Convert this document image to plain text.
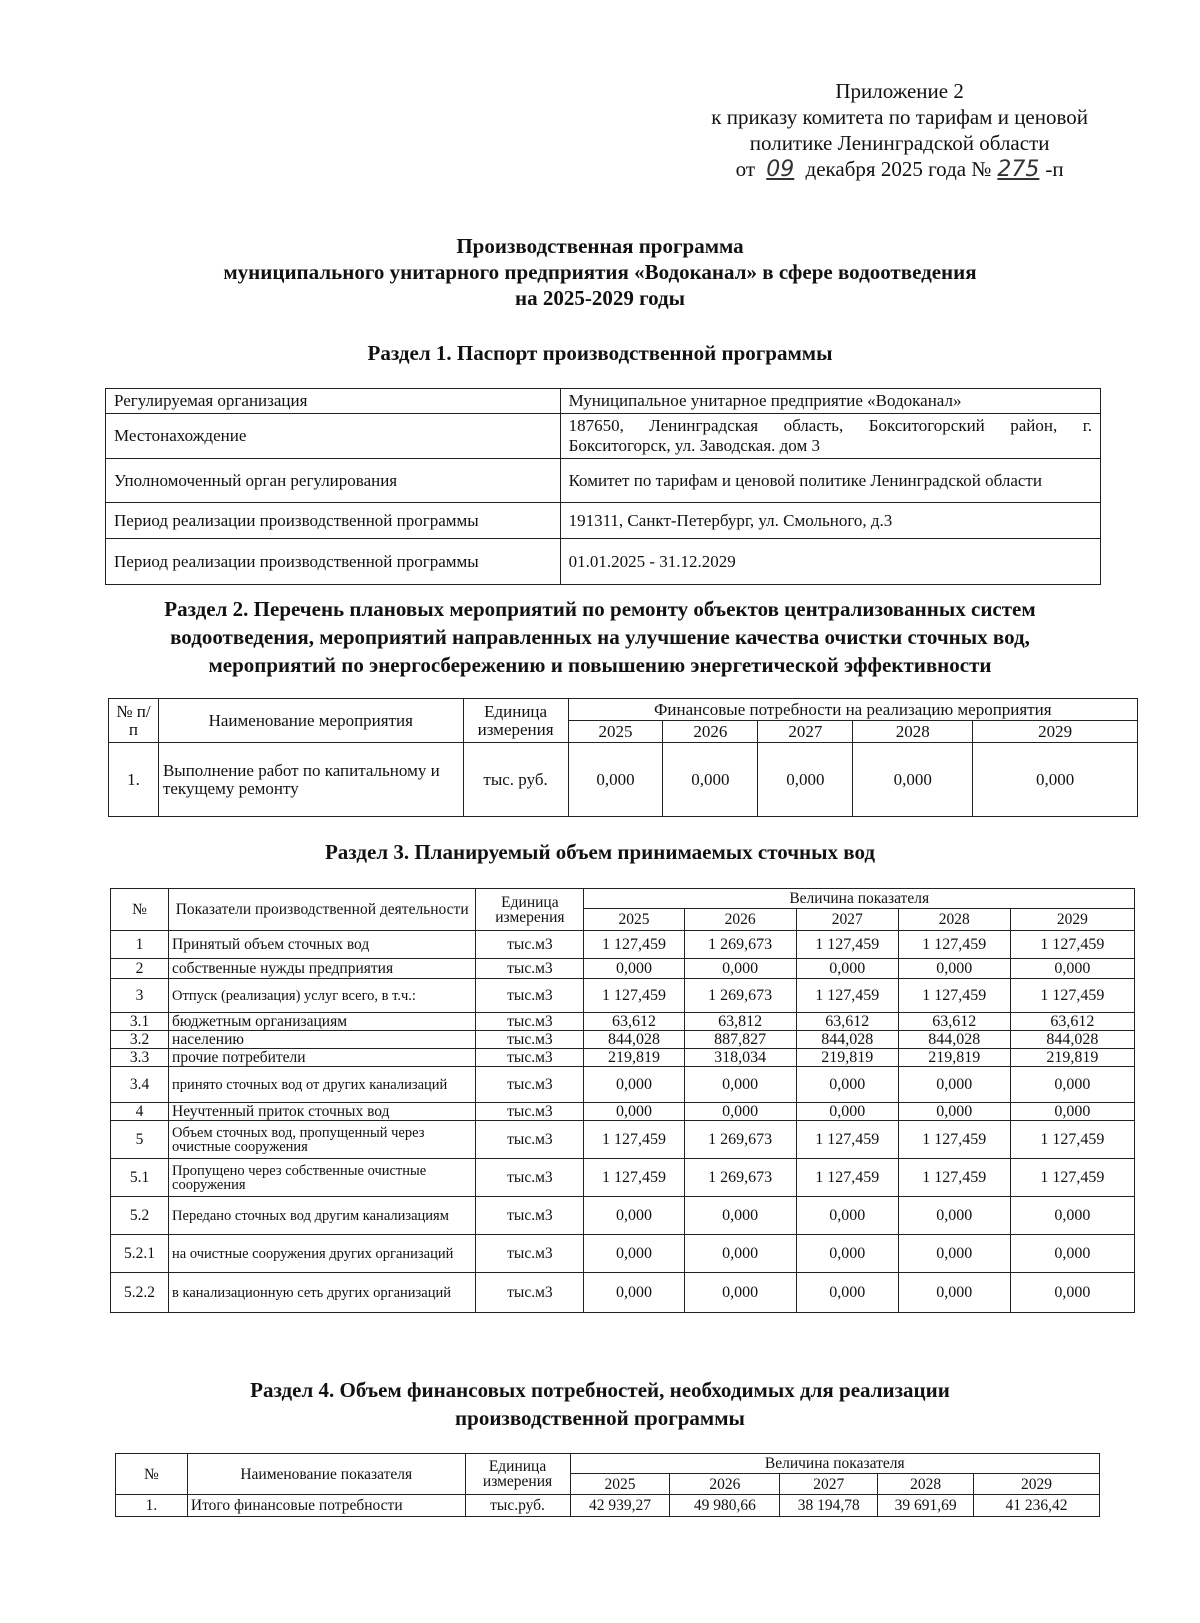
Приложение 2
к приказу комитета по тарифам и ценовой
политике Ленинградской области
от 09 декабря 2025 года № 275 -п
Производственная программа
муниципального унитарного предприятия «Водоканал» в сфере водоотведения
на 2025-2029 годы
Раздел 1. Паспорт производственной программы
Регулируемая организация	Муниципальное унитарное предприятие «Водоканал»
Местонахождение	187650, Ленинградская область, Бокситогорский район, г. Бокситогорск, ул. Заводская. дом 3
Уполномоченный орган регулирования	Комитет по тарифам и ценовой политике Ленинградской области
Период реализации производственной программы	191311, Санкт-Петербург, ул. Смольного, д.3
Период реализации производственной программы	01.01.2025 - 31.12.2029
Раздел 2. Перечень плановых мероприятий по ремонту объектов централизованных систем
водоотведения, мероприятий направленных на улучшение качества очистки сточных вод,
мероприятий по энергосбережению и повышению энергетической эффективности
№ п/п	Наименование мероприятия	Единица измерения	Финансовые потребности на реализацию мероприятия				
			2025	2026	2027	2028	2029
1.	Выполнение работ по капитальному и текущему ремонту	тыс. руб.	0,000	0,000	0,000	0,000	0,000
Раздел 3. Планируемый объем принимаемых сточных вод
№	Показатели производственной деятельности	Единица измерения	Величина показателя				
			2025	2026	2027	2028	2029
1	Принятый объем сточных вод	тыс.м3	1 127,459	1 269,673	1 127,459	1 127,459	1 127,459
2	собственные нужды предприятия	тыс.м3	0,000	0,000	0,000	0,000	0,000
3	Отпуск (реализация) услуг всего, в т.ч.:	тыс.м3	1 127,459	1 269,673	1 127,459	1 127,459	1 127,459
3.1	бюджетным организациям	тыс.м3	63,612	63,812	63,612	63,612	63,612
3.2	населению	тыс.м3	844,028	887,827	844,028	844,028	844,028
3.3	прочие потребители	тыс.м3	219,819	318,034	219,819	219,819	219,819
3.4	принято сточных вод от других канализаций	тыс.м3	0,000	0,000	0,000	0,000	0,000
4	Неучтенный приток сточных вод	тыс.м3	0,000	0,000	0,000	0,000	0,000
5	Объем сточных вод, пропущенный через очистные сооружения	тыс.м3	1 127,459	1 269,673	1 127,459	1 127,459	1 127,459
5.1	Пропущено через собственные очистные сооружения	тыс.м3	1 127,459	1 269,673	1 127,459	1 127,459	1 127,459
5.2	Передано сточных вод другим канализациям	тыс.м3	0,000	0,000	0,000	0,000	0,000
5.2.1	на очистные сооружения других организаций	тыс.м3	0,000	0,000	0,000	0,000	0,000
5.2.2	в канализационную сеть других организаций	тыс.м3	0,000	0,000	0,000	0,000	0,000
Раздел 4. Объем финансовых потребностей, необходимых для реализации
производственной программы
№	Наименование показателя	Единица измерения	Величина показателя				
			2025	2026	2027	2028	2029
1.	Итого финансовые потребности	тыс.руб.	42 939,27	49 980,66	38 194,78	39 691,69	41 236,42
